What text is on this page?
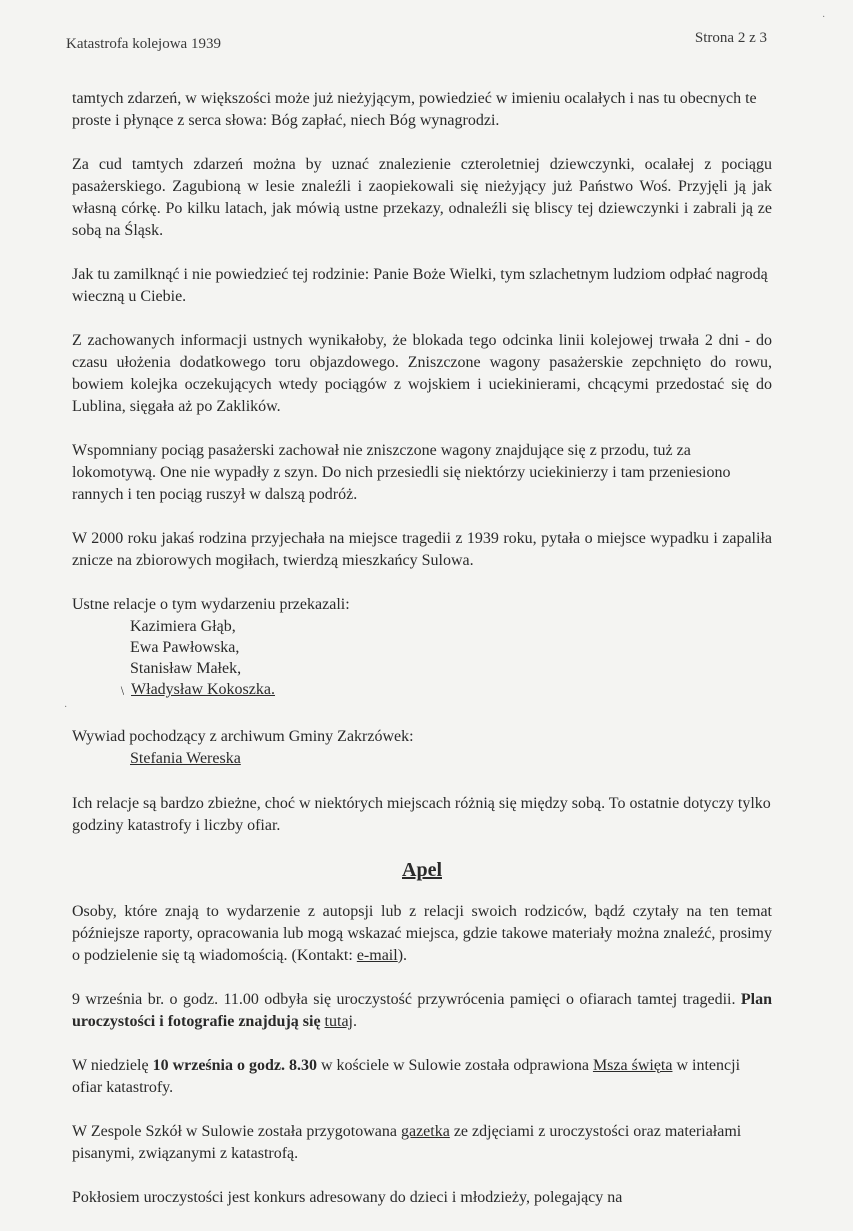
Katastrofa kolejowa 1939	Strona 2 z 3

tamtych zdarzeń, w większości może już nieżyjącym, powiedzieć w imieniu ocalałych i nas tu obecnych te proste i płynące z serca słowa: Bóg zapłać, niech Bóg wynagrodzi.

Za cud tamtych zdarzeń można by uznać znalezienie czteroletniej dziewczynki, ocalałej z pociągu pasażerskiego. Zagubioną w lesie znaleźli i zaopiekowali się nieżyjący już Państwo Woś. Przyjęli ją jak własną córkę. Po kilku latach, jak mówią ustne przekazy, odnaleźli się bliscy tej dziewczynki i zabrali ją ze sobą na Śląsk.

Jak tu zamilknąć i nie powiedzieć tej rodzinie: Panie Boże Wielki, tym szlachetnym ludziom odpłać nagrodą wieczną u Ciebie.

Z zachowanych informacji ustnych wynikałoby, że blokada tego odcinka linii kolejowej trwała 2 dni - do czasu ułożenia dodatkowego toru objazdowego. Zniszczone wagony pasażerskie zepchnięto do rowu, bowiem kolejka oczekujących wtedy pociągów z wojskiem i uciekinierami, chcącymi przedostać się do Lublina, sięgała aż po Zaklików.

Wspomniany pociąg pasażerski zachował nie zniszczone wagony znajdujące się z przodu, tuż za lokomotywą. One nie wypadły z szyn. Do nich przesiedli się niektórzy uciekinierzy i tam przeniesiono rannych i ten pociąg ruszył w dalszą podróż.

W 2000 roku jakaś rodzina przyjechała na miejsce tragedii z 1939 roku, pytała o miejsce wypadku i zapaliła znicze na zbiorowych mogiłach, twierdzą mieszkańcy Sulowa.

Ustne relacje o tym wydarzeniu przekazali:
Kazimiera Głąb,
Ewa Pawłowska,
Stanisław Małek,
﹨ Władysław Kokoszka.
Wywiad pochodzący z archiwum Gminy Zakrzówek:
Stefania Wereska

Ich relacje są bardzo zbieżne, choć w niektórych miejscach różnią się między sobą. To ostatnie dotyczy tylko godziny katastrofy i liczby ofiar.

Apel

Osoby, które znają to wydarzenie z autopsji lub z relacji swoich rodziców, bądź czytały na ten temat późniejsze raporty, opracowania lub mogą wskazać miejsca, gdzie takowe materiały można znaleźć, prosimy o podzielenie się tą wiadomością. (Kontakt: e-mail).

9 września br. o godz. 11.00 odbyła się uroczystość przywrócenia pamięci o ofiarach tamtej tragedii. Plan uroczystości i fotografie znajdują się tutaj.

W niedzielę 10 września o godz. 8.30 w kościele w Sulowie została odprawiona Msza święta w intencji ofiar katastrofy.

W Zespole Szkół w Sulowie została przygotowana gazetka ze zdjęciami z uroczystości oraz materiałami pisanymi, związanymi z katastrofą.

Pokłosiem uroczystości jest konkurs adresowany do dzieci i młodzieży, polegający na

·
·
